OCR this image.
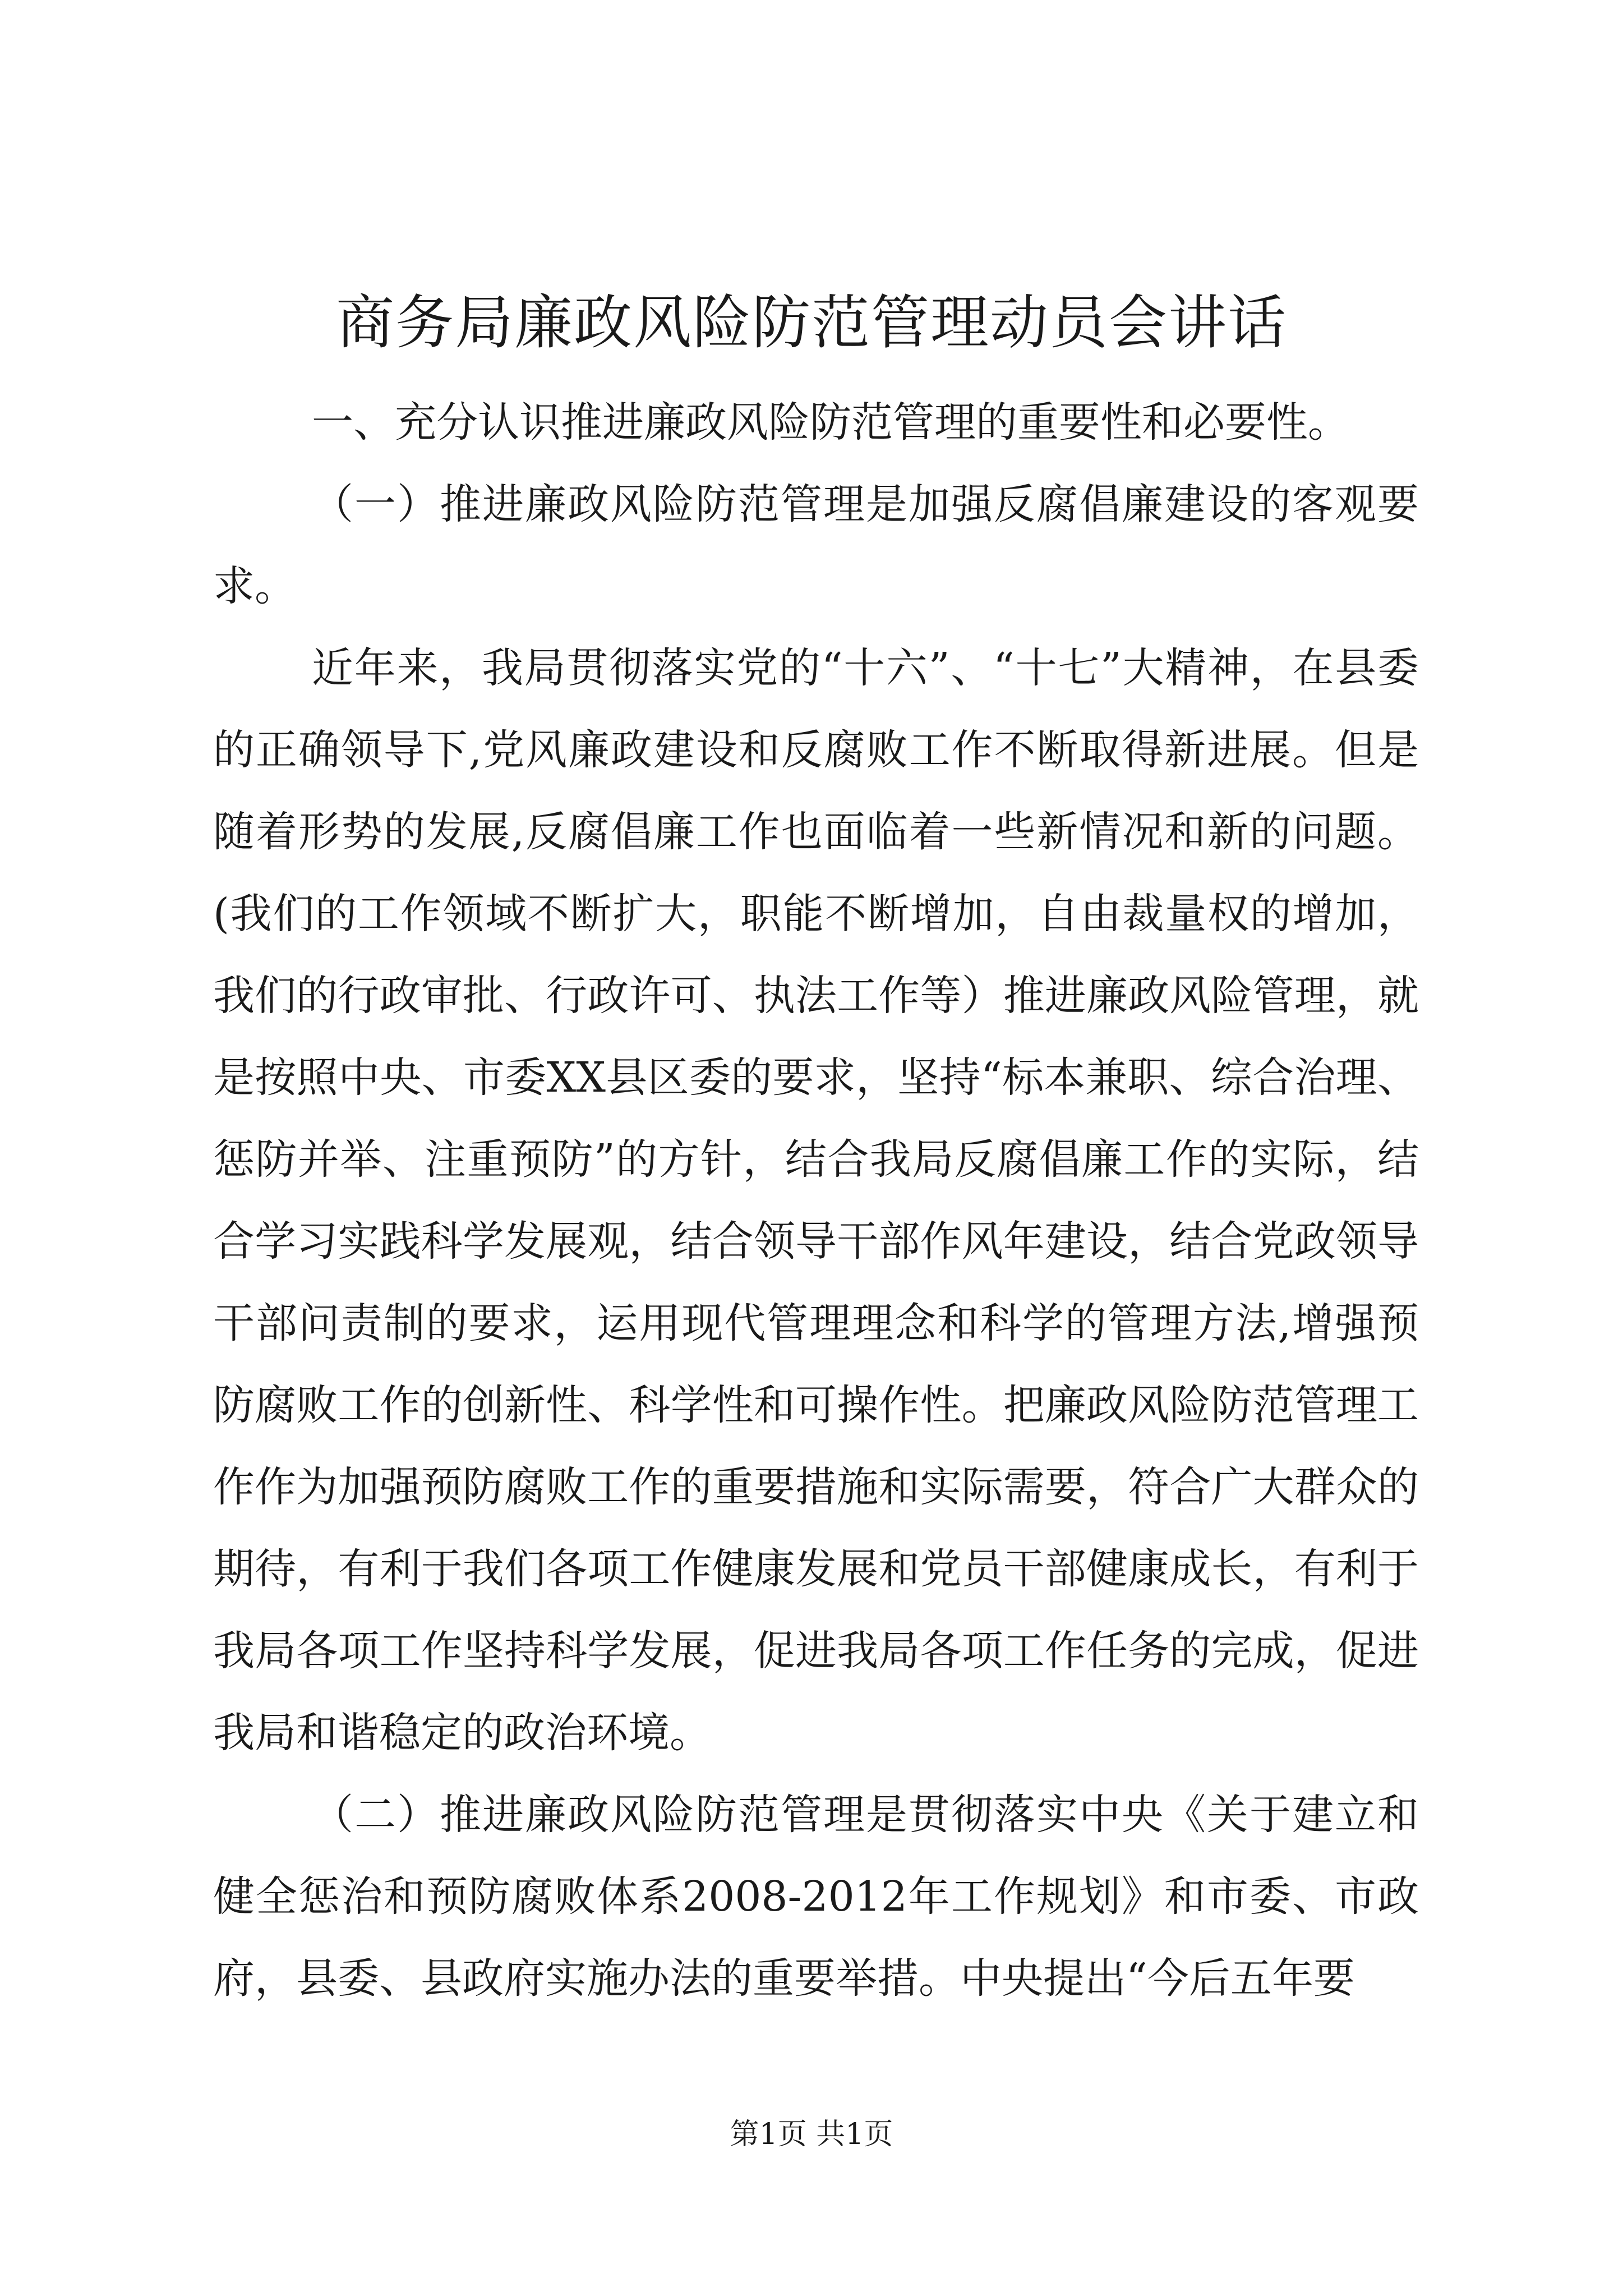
商务局廉政风险防范管理动员会讲话

一、充分认识推进廉政风险防范管理的重要性和必要性。

（一）推进廉政风险防范管理是加强反腐倡廉建设的客观要求。

近年来，我局贯彻落实党的“十六”、“十七”大精神，在县委的正确领导下,党风廉政建设和反腐败工作不断取得新进展。但是随着形势的发展,反腐倡廉工作也面临着一些新情况和新的问题。(我们的工作领域不断扩大，职能不断增加，自由裁量权的增加，我们的行政审批、行政许可、执法工作等）推进廉政风险管理，就是按照中央、市委XX县区委的要求，坚持“标本兼职、综合治理、惩防并举、注重预防”的方针，结合我局反腐倡廉工作的实际，结合学习实践科学发展观，结合领导干部作风年建设，结合党政领导干部问责制的要求，运用现代管理理念和科学的管理方法,增强预防腐败工作的创新性、科学性和可操作性。把廉政风险防范管理工作作为加强预防腐败工作的重要措施和实际需要，符合广大群众的期待，有利于我们各项工作健康发展和党员干部健康成长，有利于我局各项工作坚持科学发展，促进我局各项工作任务的完成，促进我局和谐稳定的政治环境。

（二）推进廉政风险防范管理是贯彻落实中央《关于建立和健全惩治和预防腐败体系2008-2012年工作规划》和市委、市政府，县委、县政府实施办法的重要举措。中央提出“今后五年要

第1页 共1页
